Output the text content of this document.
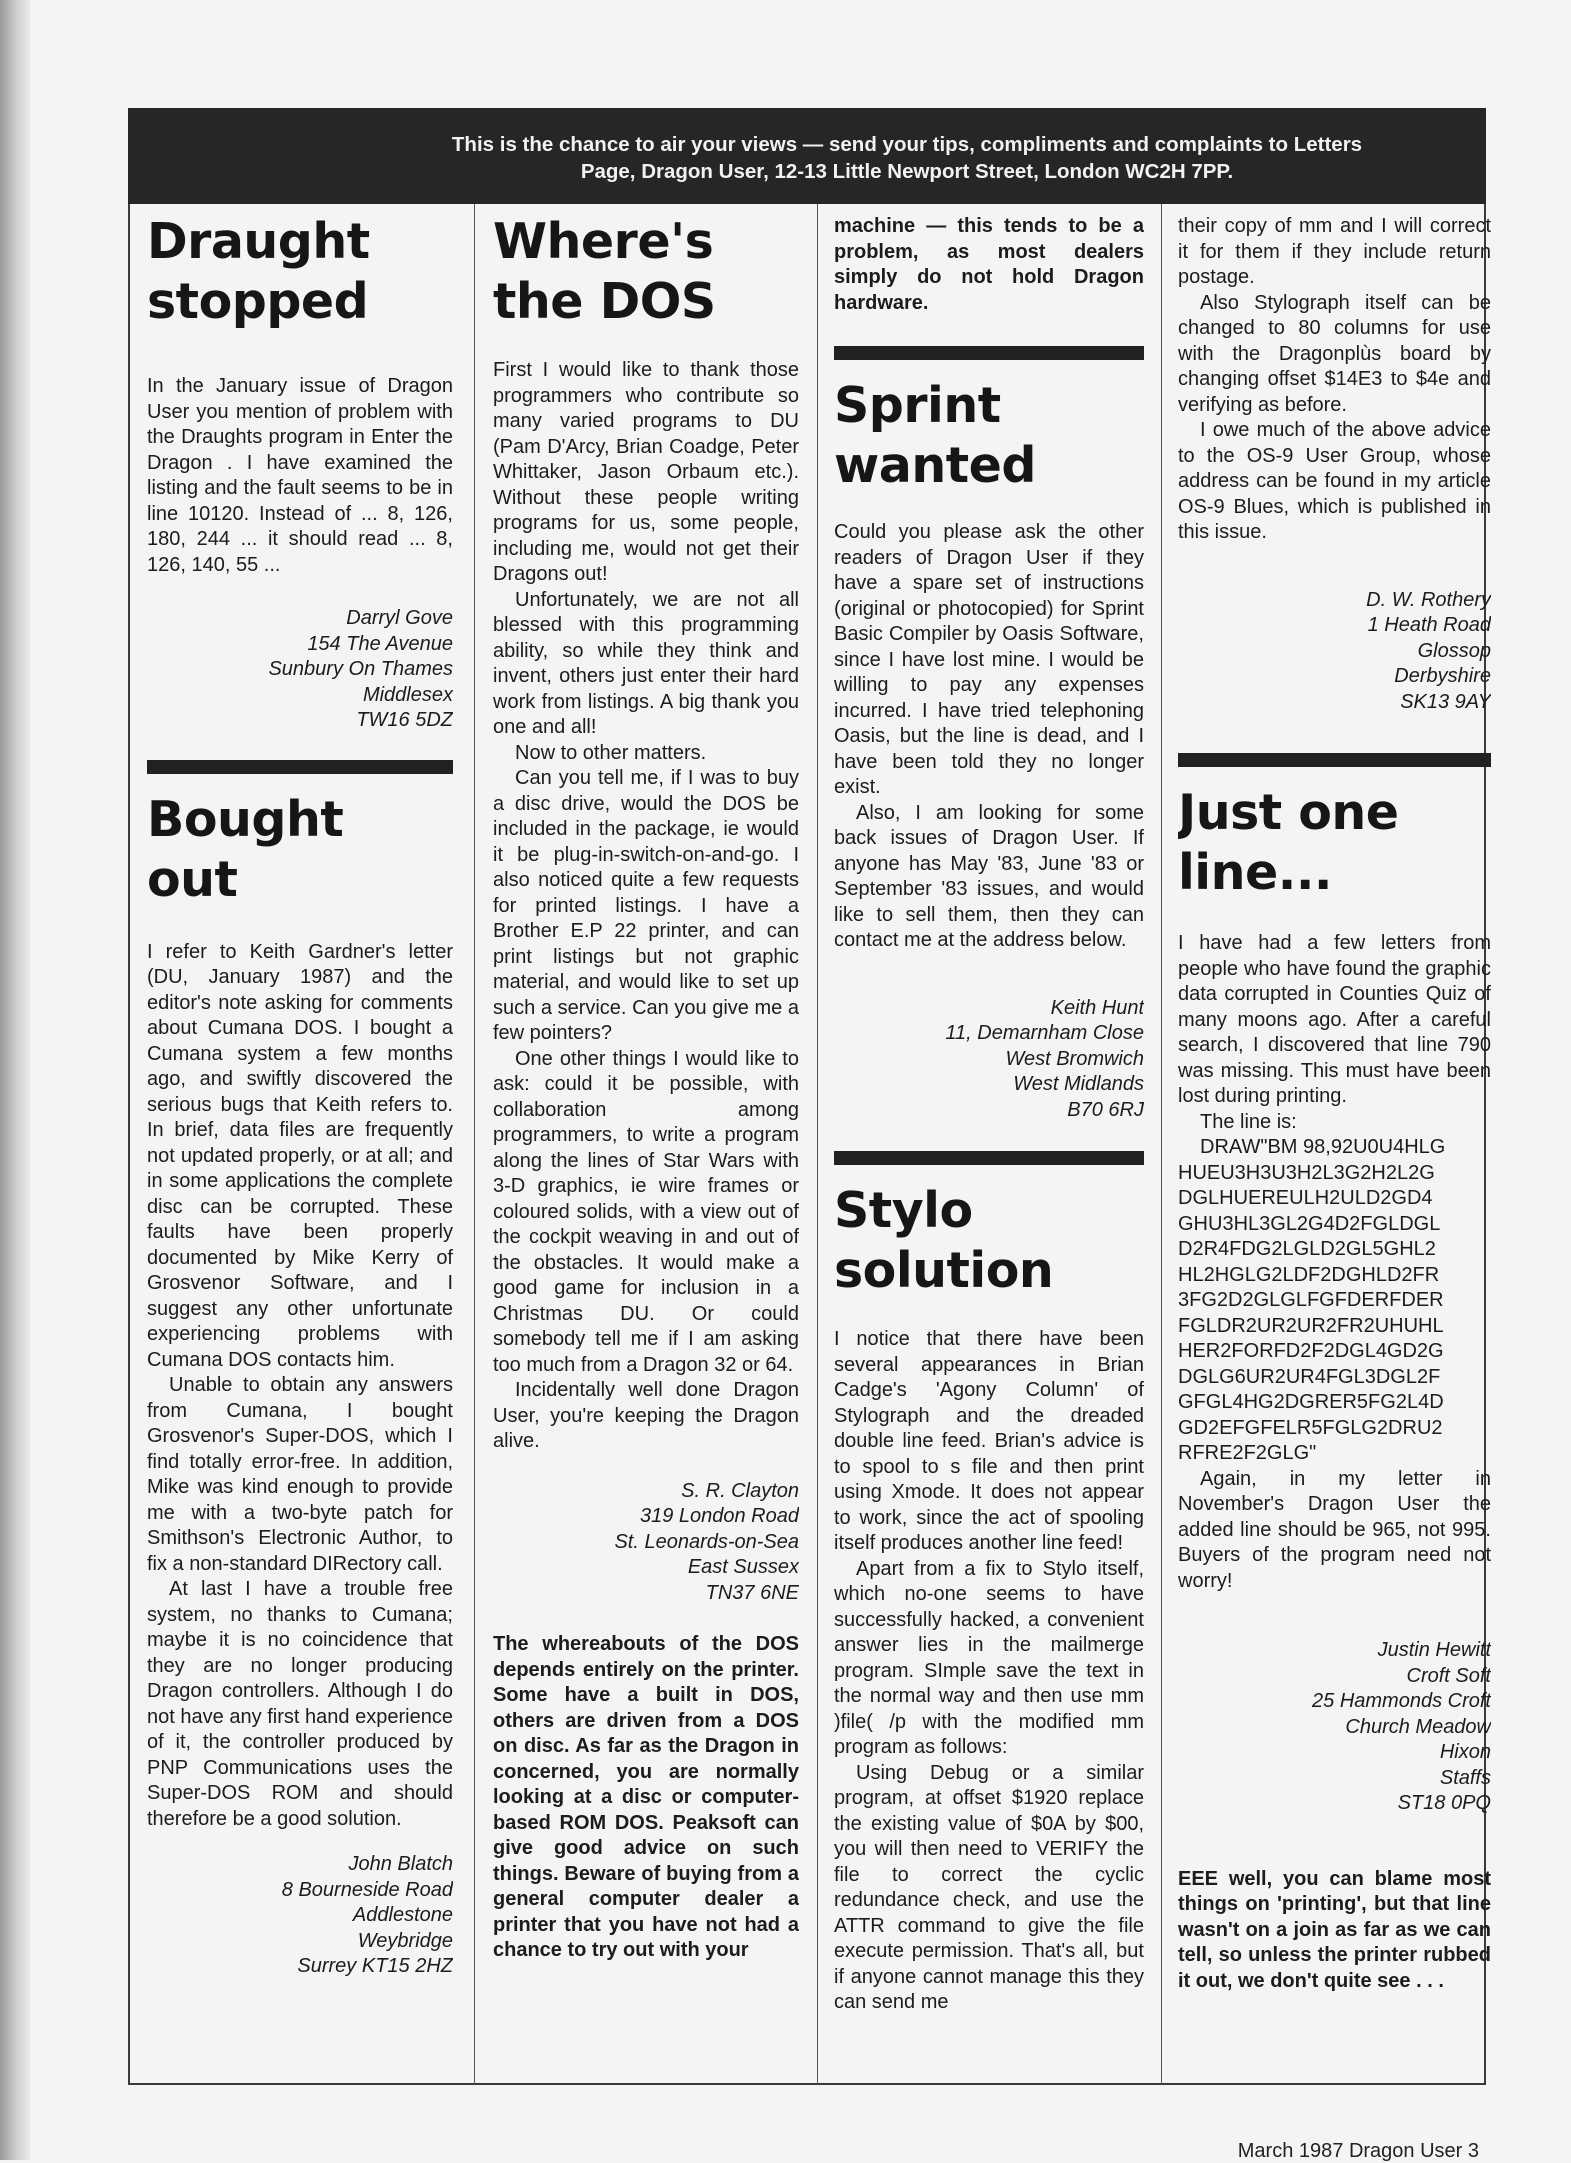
This is the chance to air your views — send your tips, compliments and complaints to Letters
Page, Dragon User, 12-13 Little Newport Street, London WC2H 7PP.
Draught stopped

In the January issue of Dragon User you mention of problem with the Draughts program in Enter the Dragon . I have examined the listing and the fault seems to be in line 10120. Instead of ... 8, 126, 180, 244 ... it should read ... 8, 126, 140, 55 ...

Darryl Gove
154 The Avenue
Sunbury On Thames
Middlesex
TW16 5DZ
Bought out

I refer to Keith Gardner's letter (DU, January 1987) and the editor's note asking for comments about Cumana DOS. I bought a Cumana system a few months ago, and swiftly discovered the serious bugs that Keith refers to. In brief, data files are frequently not updated properly, or at all; and in some applications the complete disc can be corrupted. These faults have been properly documented by Mike Kerry of Grosvenor Software, and I suggest any other unfortunate experiencing problems with Cumana DOS contacts him.

Unable to obtain any answers from Cumana, I bought Grosvenor's Super-DOS, which I find totally error-free. In addition, Mike was kind enough to provide me with a two-byte patch for Smithson's Electronic Author, to fix a non-standard DIRectory call.

At last I have a trouble free system, no thanks to Cumana; maybe it is no coincidence that they are no longer producing Dragon controllers. Although I do not have any first hand experience of it, the controller produced by PNP Communications uses the Super-DOS ROM and should therefore be a good solution.

John Blatch
8 Bourneside Road
Addlestone
Weybridge
Surrey KT15 2HZ
Where's the DOS

First I would like to thank those programmers who contribute so many varied programs to DU (Pam D'Arcy, Brian Coadge, Peter Whittaker, Jason Orbaum etc.). Without these people writing programs for us, some people, including me, would not get their Dragons out!

Unfortunately, we are not all blessed with this programming ability, so while they think and invent, others just enter their hard work from listings. A big thank you one and all!

Now to other matters.

Can you tell me, if I was to buy a disc drive, would the DOS be included in the package, ie would it be plug-in-switch-on-and-go. I also noticed quite a few requests for printed listings. I have a Brother E.P 22 printer, and can print listings but not graphic material, and would like to set up such a service. Can you give me a few pointers?

One other things I would like to ask: could it be possible, with collaboration among programmers, to write a program along the lines of Star Wars with 3-D graphics, ie wire frames or coloured solids, with a view out of the cockpit weaving in and out of the obstacles. It would make a good game for inclusion in a Christmas DU. Or could somebody tell me if I am asking too much from a Dragon 32 or 64.

Incidentally well done Dragon User, you're keeping the Dragon alive.

S. R. Clayton
319 London Road
St. Leonards-on-Sea
East Sussex
TN37 6NE

The whereabouts of the DOS depends entirely on the printer. Some have a built in DOS, others are driven from a DOS on disc. As far as the Dragon in concerned, you are normally looking at a disc or computer-based ROM DOS. Peaksoft can give good advice on such things. Beware of buying from a general computer dealer a printer that you have not had a chance to try out with your

machine — this tends to be a problem, as most dealers simply do not hold Dragon hardware.

Sprint wanted

Could you please ask the other readers of Dragon User if they have a spare set of instructions (original or photocopied) for Sprint Basic Compiler by Oasis Software, since I have lost mine. I would be willing to pay any expenses incurred. I have tried telephoning Oasis, but the line is dead, and I have been told they no longer exist.

Also, I am looking for some back issues of Dragon User. If anyone has May '83, June '83 or September '83 issues, and would like to sell them, then they can contact me at the address below.

Keith Hunt
11, Demarnham Close
West Bromwich
West Midlands
B70 6RJ
Stylo solution

I notice that there have been several appearances in Brian Cadge's 'Agony Column' of Stylograph and the dreaded double line feed. Brian's advice is to spool to s file and then print using Xmode. It does not appear to work, since the act of spooling itself produces another line feed!

Apart from a fix to Stylo itself, which no-one seems to have successfully hacked, a convenient answer lies in the mailmerge program. SImple save the text in the normal way and then use mm )file( /p with the modified mm program as follows:

Using Debug or a similar program, at offset $1920 replace the existing value of $0A by $00, you will then need to VERIFY the file to correct the cyclic redundance check, and use the ATTR command to give the file execute permission. That's all, but if anyone cannot manage this they can send me

their copy of mm and I will correct it for them if they include return postage.

Also Stylograph itself can be changed to 80 columns for use with the Dragonplùs board by changing offset $14E3 to $4e and verifying as before.

I owe much of the above advice to the OS-9 User Group, whose address can be found in my article OS-9 Blues, which is published in this issue.

D. W. Rothery
1 Heath Road
Glossop
Derbyshire
SK13 9AY
Just one line...

I have had a few letters from people who have found the graphic data corrupted in Counties Quiz of many moons ago. After a careful search, I discovered that line 790 was missing. This must have been lost during printing.

The line is:

DRAW"BM 98,92U0U4HLG
HUEU3H3U3H2L3G2H2L2G
DGLHUEREULH2ULD2GD4
GHU3HL3GL2G4D2FGLDGL
D2R4FDG2LGLD2GL5GHL2
HL2HGLG2LDF2DGHLD2FR
3FG2D2GLGLFGFDERFDER
FGLDR2UR2UR2FR2UHUHL
HER2FORFD2F2DGL4GD2G
DGLG6UR2UR4FGL3DGL2F
GFGL4HG2DGRER5FG2L4D
GD2EFGFELR5FGLG2DRU2
RFRE2F2GLG"

Again, in my letter in November's Dragon User the added line should be 965, not 995. Buyers of the program need not worry!

Justin Hewitt
Croft Soft
25 Hammonds Croft
Church Meadow
Hixon
Staffs
ST18 0PQ

EEE well, you can blame most things on 'printing', but that line wasn't on a join as far as we can tell, so unless the printer rubbed it out, we don't quite see . . .

March 1987 Dragon User 3
